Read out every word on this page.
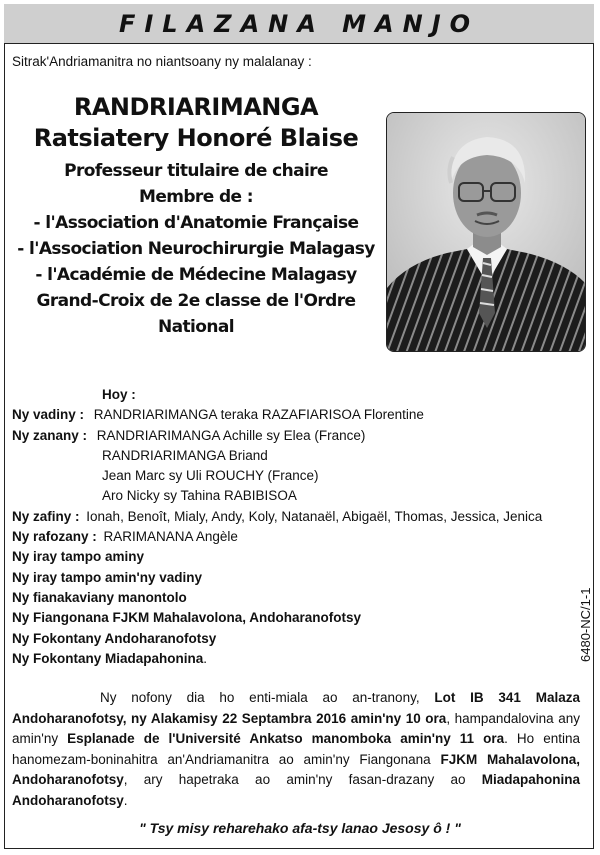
FILAZANA MANJO
Sitrak'Andriamanitra no niantsoany ny malalanay :
RANDRIARIMANGA
Ratsiatery Honoré Blaise
Professeur titulaire de chaire
Membre de :
- l'Association d'Anatomie Française
- l'Association Neurochirurgie Malagasy
- l'Académie de Médecine Malagasy
Grand-Croix de 2e classe de l'Ordre
National
Hoy :
Ny vadiny : RANDRIARIMANGA teraka RAZAFIARISOA Florentine
Ny zanany : RANDRIARIMANGA Achille sy Elea (France)
RANDRIARIMANGA Briand
Jean Marc sy Uli ROUCHY (France)
Aro Nicky sy Tahina RABIBISOA
Ny zafiny : Ionah, Benoît, Mialy, Andy, Koly, Natanaël, Abigaël, Thomas, Jessica, Jenica
Ny rafozany : RARIMANANA Angèle
Ny iray tampo aminy
Ny iray tampo amin'ny vadiny
Ny fianakaviany manontolo
Ny Fiangonana FJKM Mahalavolona, Andoharanofotsy
Ny Fokontany Andoharanofotsy
Ny Fokontany Miadapahonina.	6480-NC/1-1
Ny nofony dia ho enti-miala ao an-tranony, Lot IB 341 Malaza Andoharanofotsy, ny Alakamisy 22 Septambra 2016 amin'ny 10 ora, hampandalovina any amin'ny Esplanade de l'Université Ankatso manomboka amin'ny 11 ora. Ho entina hanomezam-boninahitra an'Andriamanitra ao amin'ny Fiangonana FJKM Mahalavolona, Andoharanofotsy, ary hapetraka ao amin'ny fasan-drazany ao Miadapahonina Andoharanofotsy.
" Tsy misy reharehako afa-tsy lanao Jesosy ô ! "
